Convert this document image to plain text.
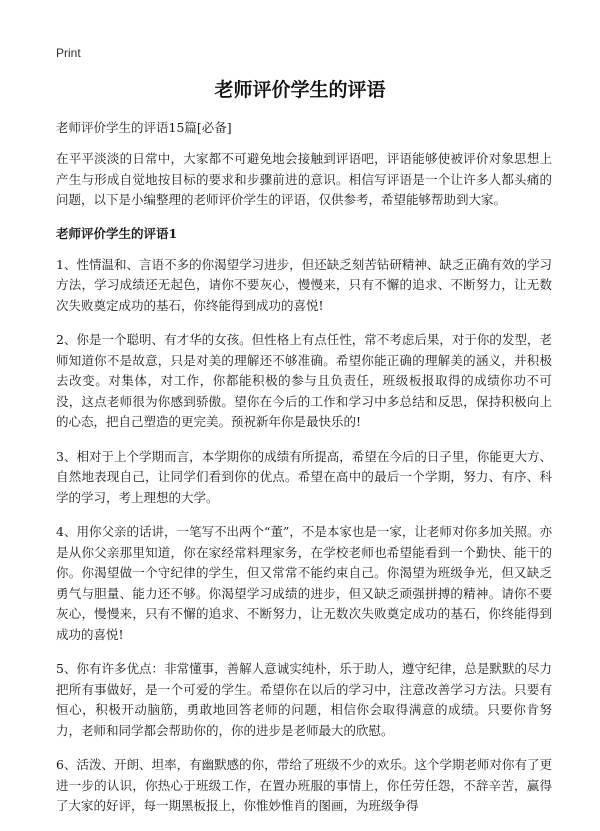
Print
老师评价学生的评语
老师评价学生的评语15篇[必备]

在平平淡淡的日常中，大家都不可避免地会接触到评语吧，评语能够使被评价对象思想上产生与形成自觉地按目标的要求和步骤前进的意识。相信写评语是一个让许多人都头痛的问题，以下是小编整理的老师评价学生的评语，仅供参考，希望能够帮助到大家。

老师评价学生的评语1

1、性情温和、言语不多的你渴望学习进步，但还缺乏刻苦钻研精神、缺乏正确有效的学习方法，学习成绩还无起色，请你不要灰心，慢慢来，只有不懈的追求、不断努力，让无数次失败奠定成功的基石，你终能得到成功的喜悦!

2、你是一个聪明、有才华的女孩。但性格上有点任性，常不考虑后果，对于你的发型，老师知道你不是故意，只是对美的理解还不够准确。希望你能正确的理解美的涵义，并积极去改变。对集体，对工作，你都能积极的参与且负责任，班级板报取得的成绩你功不可没，这点老师很为你感到骄傲。望你在今后的工作和学习中多总结和反思，保持积极向上的心态，把自己塑造的更完美。预祝新年你是最快乐的!

3、相对于上个学期而言，本学期你的成绩有所提高，希望在今后的日子里，你能更大方、自然地表现自己，让同学们看到你的优点。希望在高中的最后一个学期，努力、有序、科学的学习，考上理想的大学。

4、用你父亲的话讲，一笔写不出两个“董”，不是本家也是一家，让老师对你多加关照。亦是从你父亲那里知道，你在家经常料理家务，在学校老师也希望能看到一个勤快、能干的你。你渴望做一个守纪律的学生，但又常常不能约束自己。你渴望为班级争光，但又缺乏勇气与胆量、能力还不够。你渴望学习成绩的进步，但又缺乏顽强拼搏的精神。请你不要灰心，慢慢来，只有不懈的追求、不断努力，让无数次失败奠定成功的基石，你终能得到成功的喜悦!

5、你有许多优点：非常懂事，善解人意诚实纯朴，乐于助人，遵守纪律，总是默默的尽力把所有事做好，是一个可爱的学生。希望你在以后的学习中，注意改善学习方法。只要有恒心，积极开动脑筋，勇敢地回答老师的问题，相信你会取得满意的成绩。只要你肯努力，老师和同学都会帮助你的，你的进步是老师最大的欣慰。

6、活泼、开朗、坦率，有幽默感的你，带给了班级不少的欢乐。这个学期老师对你有了更进一步的认识，你热心于班级工作，在置办班服的事情上，你任劳任怨，不辞辛苦，赢得了大家的好评，每一期黑板报上，你惟妙惟肖的图画，为班级争得
